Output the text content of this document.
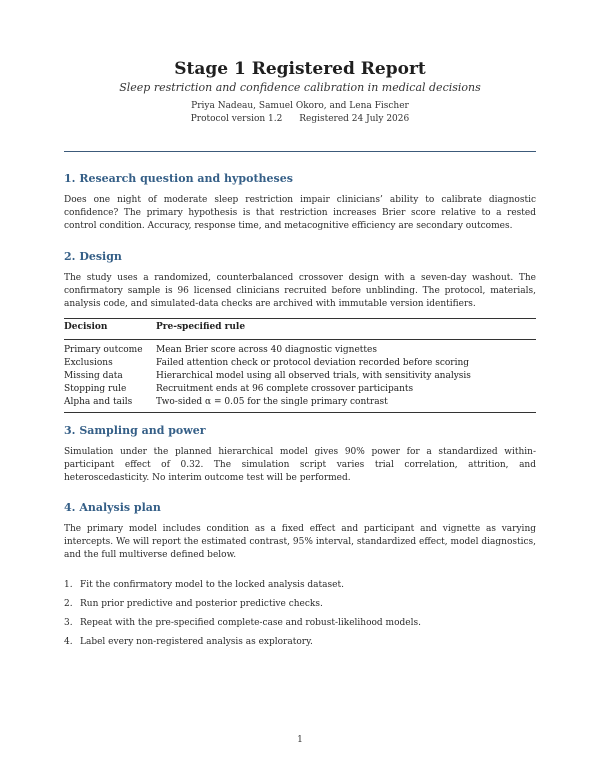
Stage 1 Registered Report
Sleep restriction and confidence calibration in medical decisions
Priya Nadeau, Samuel Okoro, and Lena Fischer
Protocol version 1.2 Registered 24 July 2026
1. Research question and hypotheses
Does one night of moderate sleep restriction impair clinicians’ ability to calibrate diagnostic confidence? The primary hypothesis is that restriction increases Brier score relative to a rested control condition. Accuracy, response time, and metacognitive efficiency are secondary outcomes.
2. Design
The study uses a randomized, counterbalanced crossover design with a seven-day washout. The confirmatory sample is 96 licensed clinicians recruited before unblinding. The protocol, materials, analysis code, and simulated-data checks are archived with immutable version identifiers.
Decision	Pre-specified rule
Primary outcome	Mean Brier score across 40 diagnostic vignettes
Exclusions	Failed attention check or protocol deviation recorded before scoring
Missing data	Hierarchical model using all observed trials, with sensitivity analysis
Stopping rule	Recruitment ends at 96 complete crossover participants
Alpha and tails	Two-sided α = 0.05 for the single primary contrast
3. Sampling and power
Simulation under the planned hierarchical model gives 90% power for a standardized within-participant effect of 0.32. The simulation script varies trial correlation, attrition, and heteroscedasticity. No interim outcome test will be performed.
4. Analysis plan
The primary model includes condition as a fixed effect and participant and vignette as varying intercepts. We will report the estimated contrast, 95% interval, standardized effect, model diagnostics, and the full multiverse defined below.
1. Fit the confirmatory model to the locked analysis dataset.
2. Run prior predictive and posterior predictive checks.
3. Repeat with the pre-specified complete-case and robust-likelihood models.
4. Label every non-registered analysis as exploratory.
1
